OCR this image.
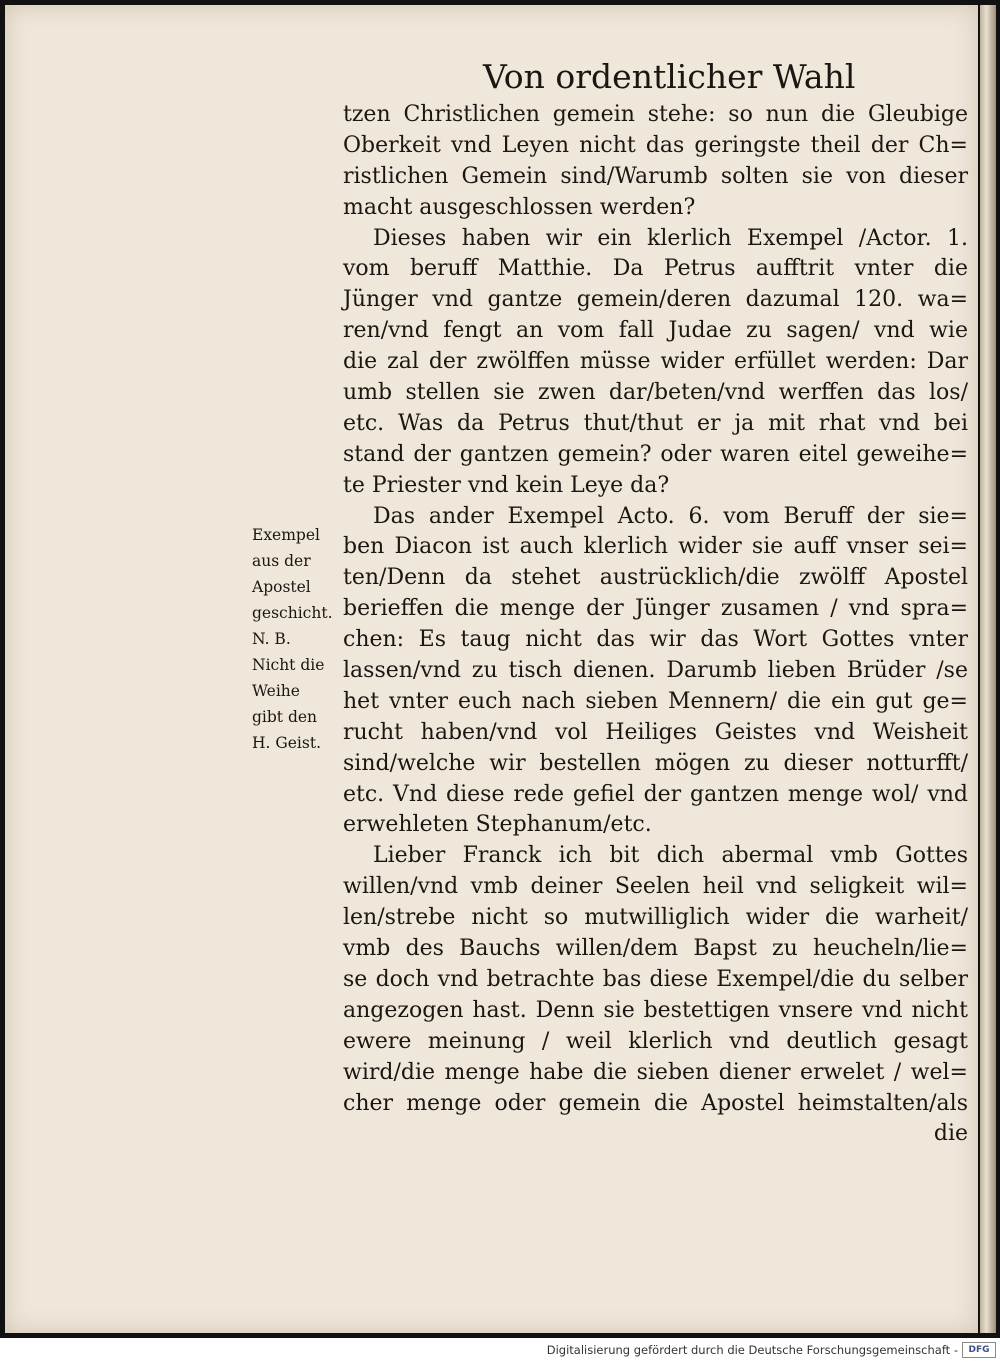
Von ordentlicher Wahl
tzen Christlichen gemein stehe: so nun die Gleubige
Oberkeit vnd Leyen nicht das geringste theil der Ch=
ristlichen Gemein sind/Warumb solten sie von dieser
macht ausgeschlossen werden?
Dieses haben wir ein klerlich Exempel /Actor. 1.
vom beruff Matthie. Da Petrus aufftrit vnter die
Jünger vnd gantze gemein/deren dazumal 120. wa=
ren/vnd fengt an vom fall Judae zu sagen/ vnd wie
die zal der zwölffen müsse wider erfüllet werden: Dar
umb stellen sie zwen dar/beten/vnd werffen das los/
etc. Was da Petrus thut/thut er ja mit rhat vnd bei
stand der gantzen gemein? oder waren eitel geweihe=
te Priester vnd kein Leye da?
Das ander Exempel Acto. 6. vom Beruff der sie=
ben Diacon ist auch klerlich wider sie auff vnser sei=
ten/Denn da stehet austrücklich/die zwölff Apostel
berieffen die menge der Jünger zusamen / vnd spra=
chen: Es taug nicht das wir das Wort Gottes vnter
lassen/vnd zu tisch dienen. Darumb lieben Brüder /se
het vnter euch nach sieben Mennern/ die ein gut ge=
rucht haben/vnd vol Heiliges Geistes vnd Weisheit
sind/welche wir bestellen mögen zu dieser notturfft/
etc. Vnd diese rede gefiel der gantzen menge wol/ vnd
erwehleten Stephanum/etc.
Lieber Franck ich bit dich abermal vmb Gottes
willen/vnd vmb deiner Seelen heil vnd seligkeit wil=
len/strebe nicht so mutwilliglich wider die warheit/
vmb des Bauchs willen/dem Bapst zu heucheln/lie=
se doch vnd betrachte bas diese Exempel/die du selber
angezogen hast. Denn sie bestettigen vnsere vnd nicht
ewere meinung / weil klerlich vnd deutlich gesagt
wird/die menge habe die sieben diener erwelet / wel=
cher menge oder gemein die Apostel heimstalten/als
die
Exempel
aus der
Apostel
geschicht.
N. B.
Nicht die
Weihe
gibt den
H. Geist.
Digitalisierung gefördert durch die Deutsche Forschungsgemeinschaft -	DFG
